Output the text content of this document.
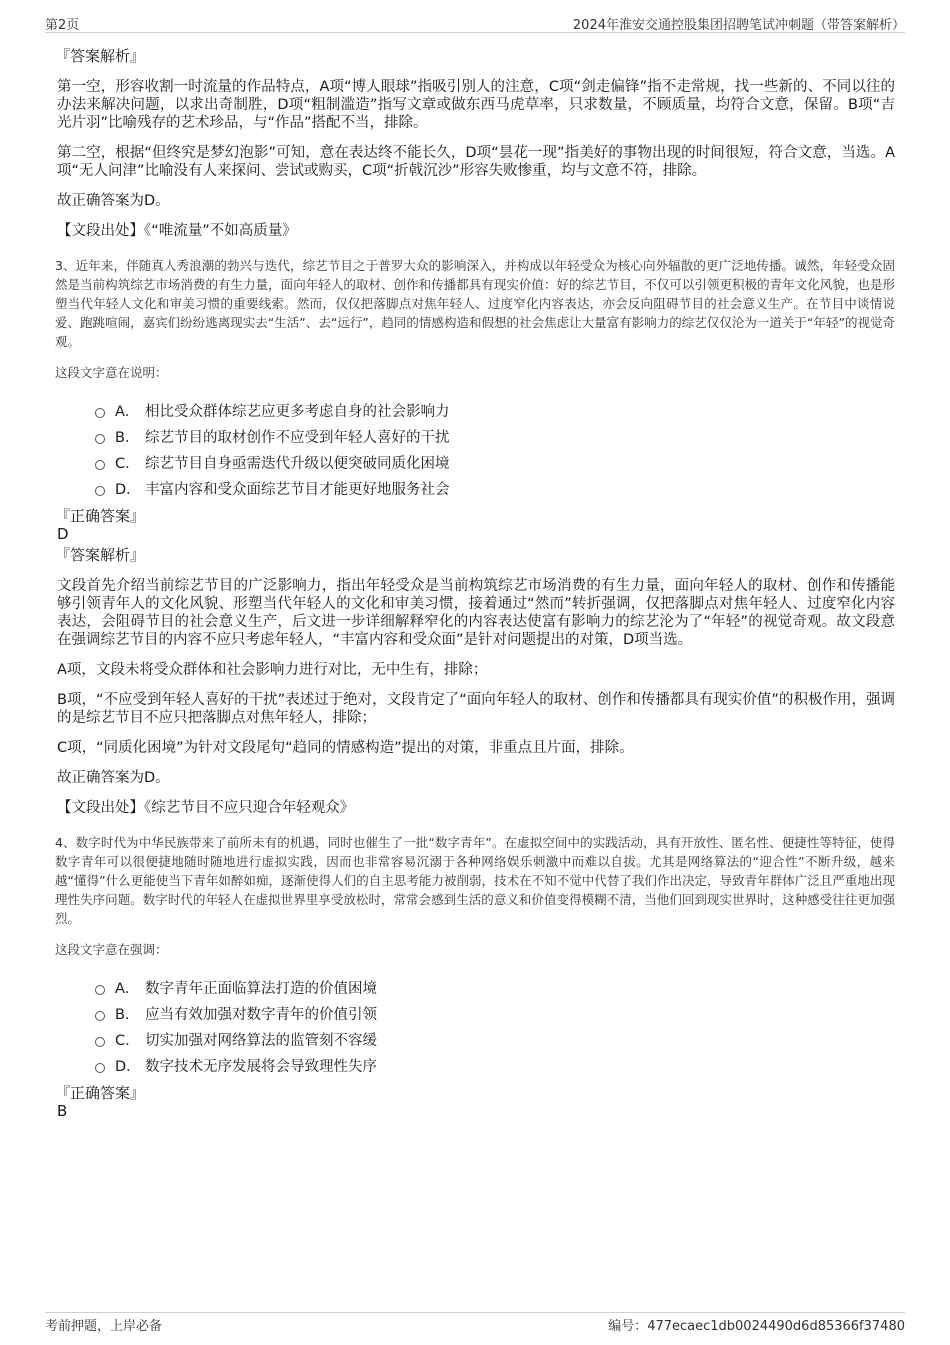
第2页	2024年淮安交通控股集团招聘笔试冲刺题（带答案解析）
『答案解析』

第一空，形容收割一时流量的作品特点，A项“博人眼球”指吸引别人的注意，C项“剑走偏锋”指不走常规，找一些新的、不同以往的办法来解决问题，以求出奇制胜，D项“粗制滥造”指写文章或做东西马虎草率，只求数量，不顾质量，均符合文意，保留。B项“吉光片羽”比喻残存的艺术珍品，与“作品”搭配不当，排除。

第二空，根据“但终究是梦幻泡影”可知，意在表达终不能长久，D项“昙花一现”指美好的事物出现的时间很短，符合文意，当选。A项“无人问津”比喻没有人来探问、尝试或购买，C项“折戟沉沙”形容失败惨重，均与文意不符，排除。

故正确答案为D。

【文段出处】《“唯流量”不如高质量》

3、近年来，伴随真人秀浪潮的勃兴与迭代，综艺节目之于普罗大众的影响深入，并构成以年轻受众为核心向外辐散的更广泛地传播。诚然，年轻受众固然是当前构筑综艺市场消费的有生力量，面向年轻人的取材、创作和传播都具有现实价值：好的综艺节目，不仅可以引领更积极的青年文化风貌，也是形塑当代年轻人文化和审美习惯的重要线索。然而，仅仅把落脚点对焦年轻人、过度窄化内容表达，亦会反向阻碍节目的社会意义生产。在节目中谈情说爱、跑跳喧闹，嘉宾们纷纷逃离现实去“生活”、去“远行”，趋同的情感构造和假想的社会焦虑让大量富有影响力的综艺仅仅沦为一道关于“年轻”的视觉奇观。

这段文字意在说明：

A． 相比受众群体综艺应更多考虑自身的社会影响力
B． 综艺节目的取材创作不应受到年轻人喜好的干扰
C． 综艺节目自身亟需迭代升级以便突破同质化困境
D． 丰富内容和受众面综艺节目才能更好地服务社会
『正确答案』
D
『答案解析』

文段首先介绍当前综艺节目的广泛影响力，指出年轻受众是当前构筑综艺市场消费的有生力量，面向年轻人的取材、创作和传播能够引领青年人的文化风貌、形塑当代年轻人的文化和审美习惯，接着通过“然而”转折强调，仅把落脚点对焦年轻人、过度窄化内容表达，会阻碍节目的社会意义生产，后文进一步详细解释窄化的内容表达使富有影响力的综艺沦为了“年轻”的视觉奇观。故文段意在强调综艺节目的内容不应只考虑年轻人，“丰富内容和受众面”是针对问题提出的对策，D项当选。

A项，文段未将受众群体和社会影响力进行对比，无中生有，排除；

B项，“不应受到年轻人喜好的干扰”表述过于绝对，文段肯定了“面向年轻人的取材、创作和传播都具有现实价值”的积极作用，强调的是综艺节目不应只把落脚点对焦年轻人，排除；

C项，“同质化困境”为针对文段尾句“趋同的情感构造”提出的对策，非重点且片面，排除。

故正确答案为D。

【文段出处】《综艺节目不应只迎合年轻观众》

4、数字时代为中华民族带来了前所未有的机遇，同时也催生了一批“数字青年”。在虚拟空间中的实践活动，具有开放性、匿名性、便捷性等特征，使得数字青年可以很便捷地随时随地进行虚拟实践，因而也非常容易沉溺于各种网络娱乐刺激中而难以自拔。尤其是网络算法的“迎合性”不断升级，越来越“懂得”什么更能使当下青年如醉如痴，逐渐使得人们的自主思考能力被削弱，技术在不知不觉中代替了我们作出决定，导致青年群体广泛且严重地出现理性失序问题。数字时代的年轻人在虚拟世界里享受放松时，常常会感到生活的意义和价值变得模糊不清，当他们回到现实世界时，这种感受往往更加强烈。

这段文字意在强调：

A． 数字青年正面临算法打造的价值困境
B． 应当有效加强对数字青年的价值引领
C． 切实加强对网络算法的监管刻不容缓
D． 数字技术无序发展将会导致理性失序
『正确答案』
B
考前押题，上岸必备	编号：477ecaec1db0024490d6d85366f37480
